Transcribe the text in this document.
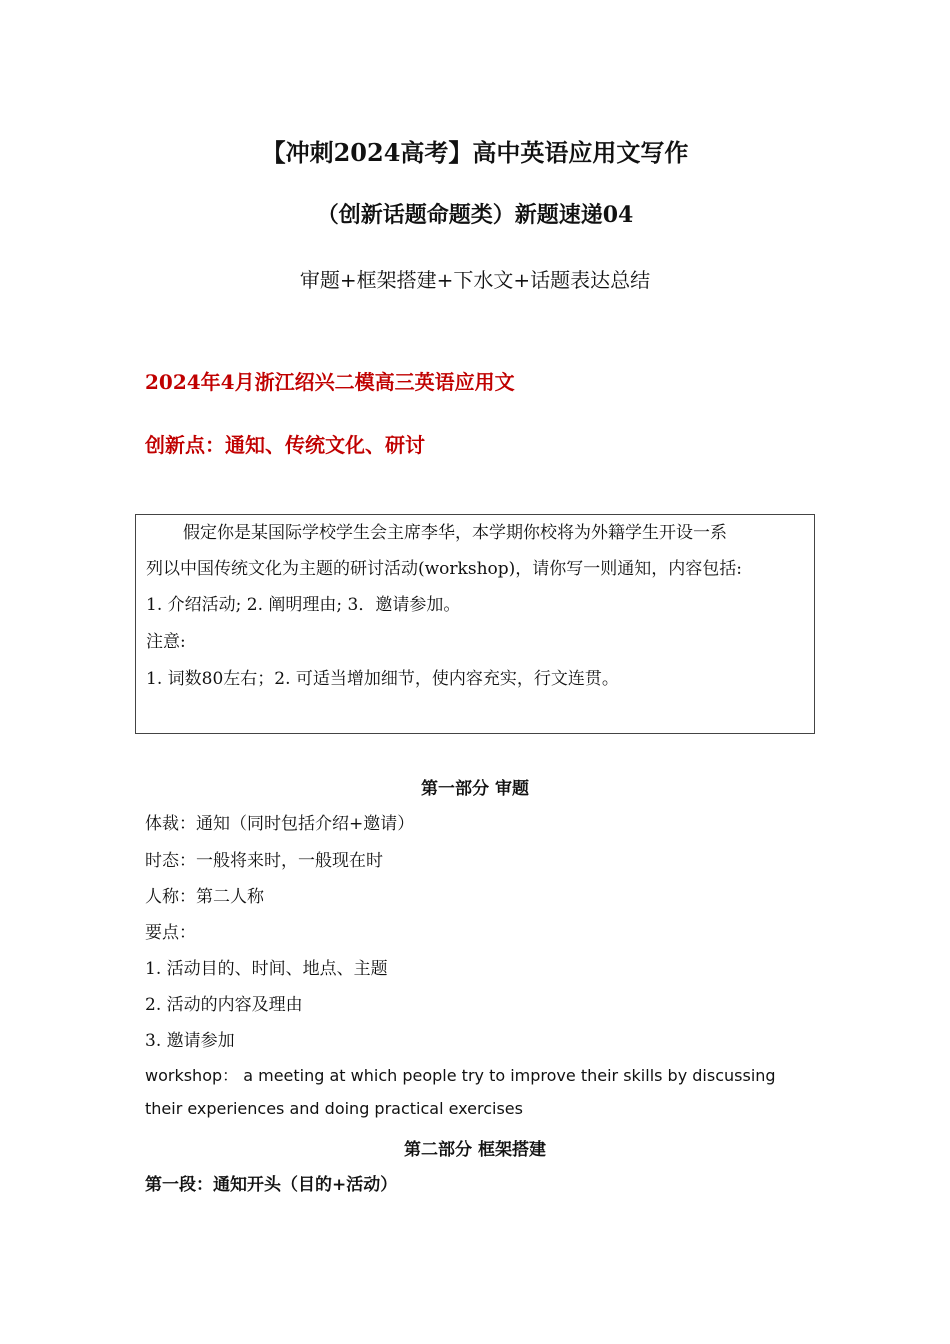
【冲刺2024高考】高中英语应用文写作
（创新话题命题类）新题速递04
审题+框架搭建+下水文+话题表达总结
2024年4月浙江绍兴二模高三英语应用文
创新点：通知、传统文化、研讨
假定你是某国际学校学生会主席李华，本学期你校将为外籍学生开设一系
列以中国传统文化为主题的研讨活动(workshop)，请你写一则通知，内容包括:
1. 介绍活动; 2. 阐明理由; 3．邀请参加。
注意:
1. 词数80左右；2. 可适当增加细节，使内容充实，行文连贯。
第一部分 审题
体裁：通知（同时包括介绍+邀请）
时态：一般将来时，一般现在时
人称：第二人称
要点：
1. 活动目的、时间、地点、主题
2. 活动的内容及理由
3. 邀请参加
workshop： a meeting at which people try to improve their skills by discussing
their experiences and doing practical exercises
第二部分 框架搭建
第一段：通知开头（目的+活动）
